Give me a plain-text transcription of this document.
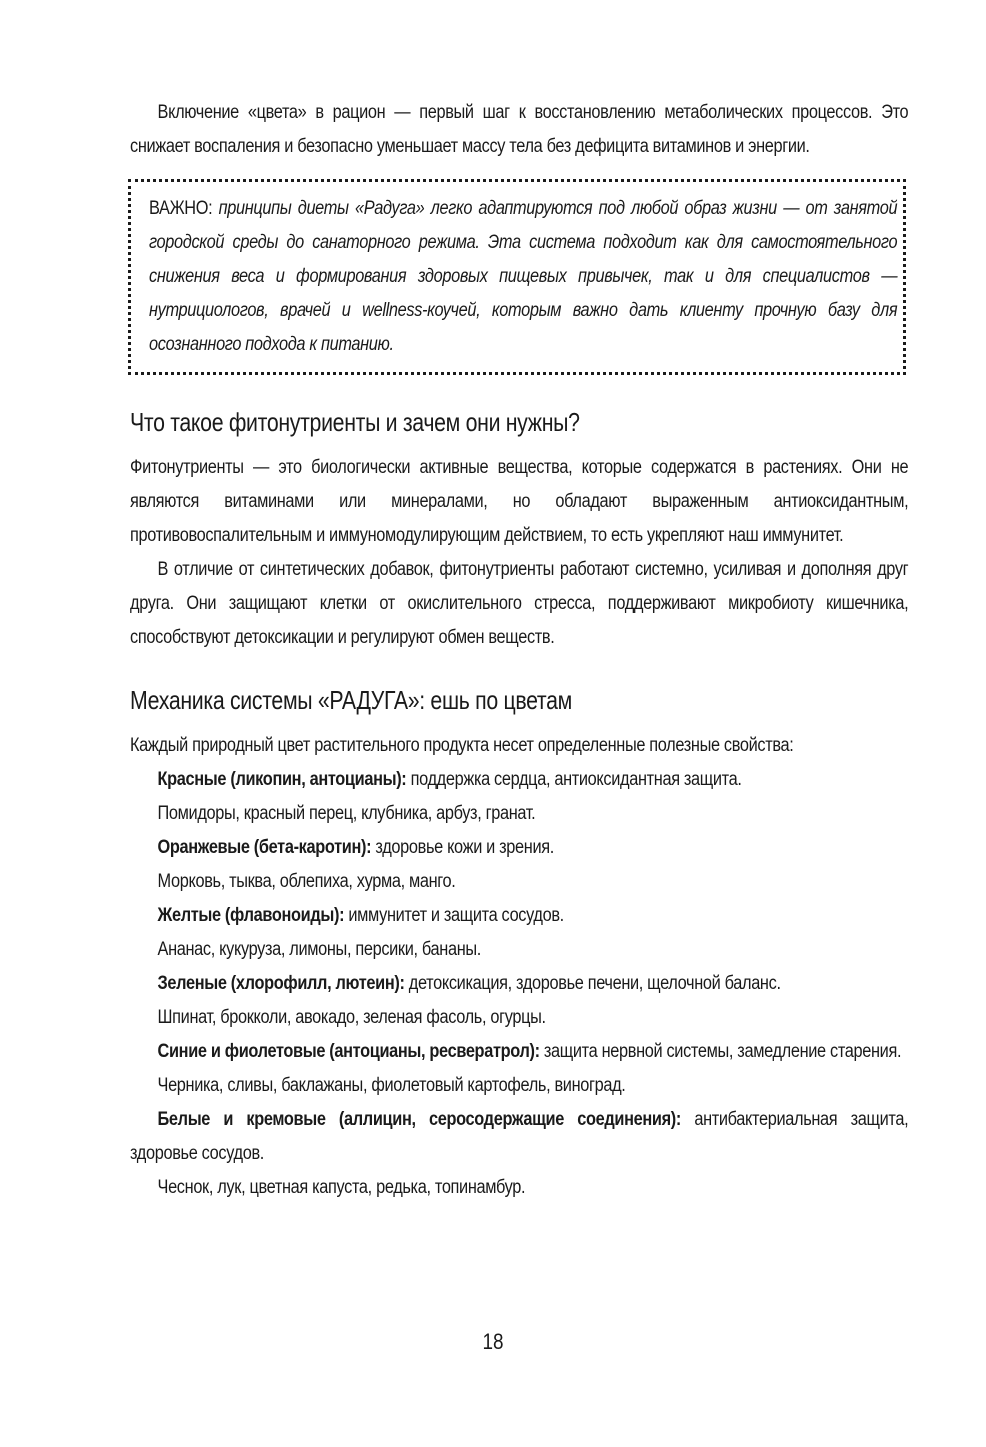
Включение «цвета» в рацион — первый шаг к восстановлению метаболических процессов. Это снижает воспаления и безопасно уменьшает массу тела без дефицита витаминов и энергии.

ВАЖНО: принципы диеты «Радуга» легко адаптируются под любой образ жизни — от занятой городской среды до санаторного режима. Эта система подходит как для самостоятельного снижения веса и формирования здоровых пищевых привычек, так и для специалистов — нутрициологов, врачей и wellness-коучей, которым важно дать клиенту прочную базу для осознанного подхода к питанию.

Что такое фитонутриенты и зачем они нужны?

Фитонутриенты — это биологически активные вещества, которые содержатся в растениях. Они не являются витаминами или минералами, но обладают выраженным антиоксидантным, противовоспалительным и иммуномодулирующим действием, то есть укрепляют наш иммунитет.

В отличие от синтетических добавок, фитонутриенты работают системно, усиливая и дополняя друг друга. Они защищают клетки от окислительного стресса, поддерживают микробиоту кишечника, способствуют детоксикации и регулируют обмен веществ.

Механика системы «РАДУГА»: ешь по цветам

Каждый природный цвет растительного продукта несет определенные полезные свойства:

Красные (ликопин, антоцианы): поддержка сердца, антиоксидантная защита.

Помидоры, красный перец, клубника, арбуз, гранат.

Оранжевые (бета-каротин): здоровье кожи и зрения.

Морковь, тыква, облепиха, хурма, манго.

Желтые (флавоноиды): иммунитет и защита сосудов.

Ананас, кукуруза, лимоны, персики, бананы.

Зеленые (хлорофилл, лютеин): детоксикация, здоровье печени, щелочной баланс.

Шпинат, брокколи, авокадо, зеленая фасоль, огурцы.

Синие и фиолетовые (антоцианы, ресвератрол): защита нервной системы, замедление старения.

Черника, сливы, баклажаны, фиолетовый картофель, виноград.

Белые и кремовые (аллицин, серосодержащие соединения): антибактериальная защита, здоровье сосудов.

Чеснок, лук, цветная капуста, редька, топинамбур.

18
